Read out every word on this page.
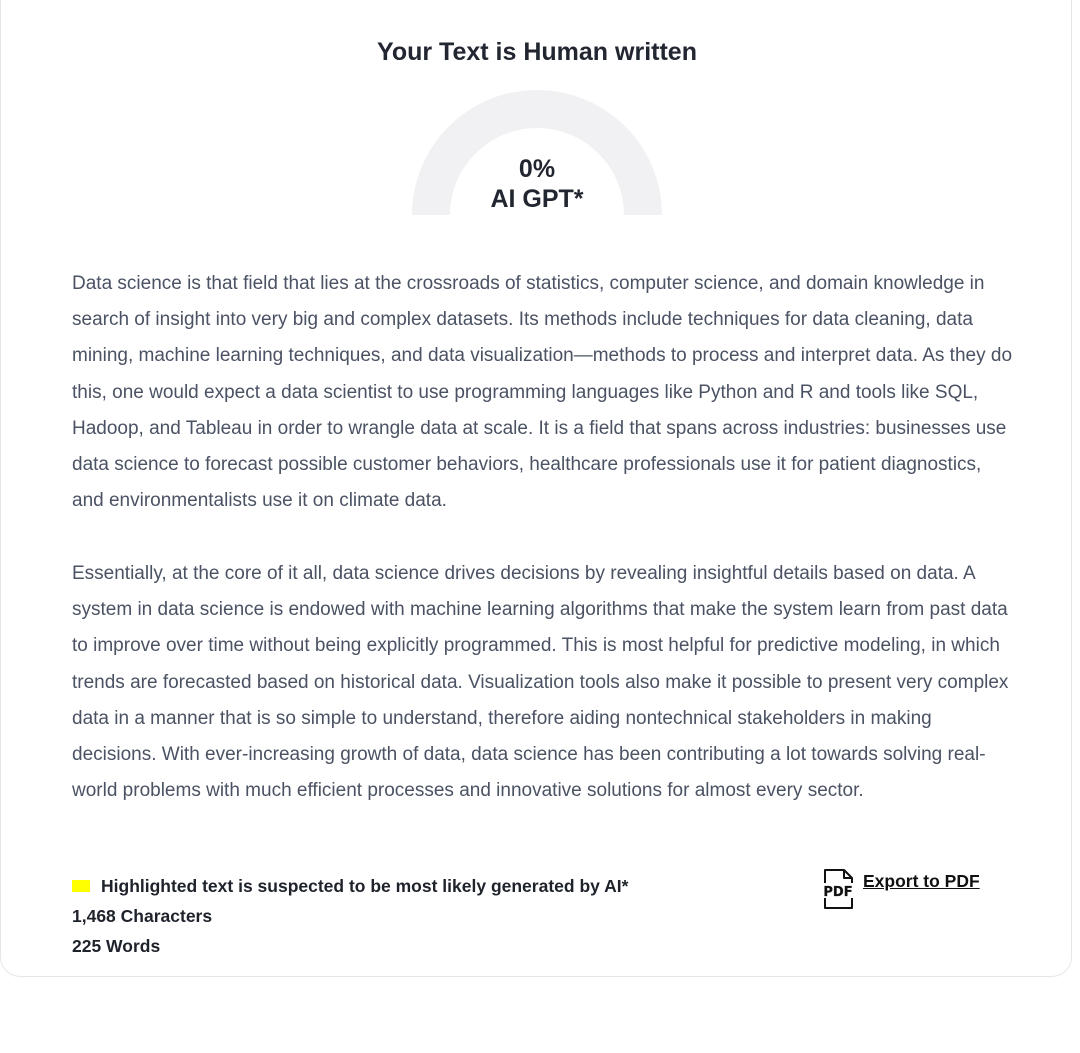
Your Text is Human written
0%
AI GPT*

Data science is that field that lies at the crossroads of statistics, computer science, and domain knowledge in search of insight into very big and complex datasets. Its methods include techniques for data cleaning, data mining, machine learning techniques, and data visualization—methods to process and interpret data. As they do this, one would expect a data scientist to use programming languages like Python and R and tools like SQL, Hadoop, and Tableau in order to wrangle data at scale. It is a field that spans across industries: businesses use data science to forecast possible customer behaviors, healthcare professionals use it for patient diagnostics, and environmentalists use it on climate data.

Essentially, at the core of it all, data science drives decisions by revealing insightful details based on data. A system in data science is endowed with machine learning algorithms that make the system learn from past data to improve over time without being explicitly programmed. This is most helpful for predictive modeling, in which trends are forecasted based on historical data. Visualization tools also make it possible to present very complex data in a manner that is so simple to understand, therefore aiding nontechnical stakeholders in making decisions. With ever-increasing growth of data, data science has been contributing a lot towards solving real-world problems with much efficient processes and innovative solutions for almost every sector.

Highlighted text is suspected to be most likely generated by AI*
1,468 Characters
225 Words
PDF
Export to PDF
